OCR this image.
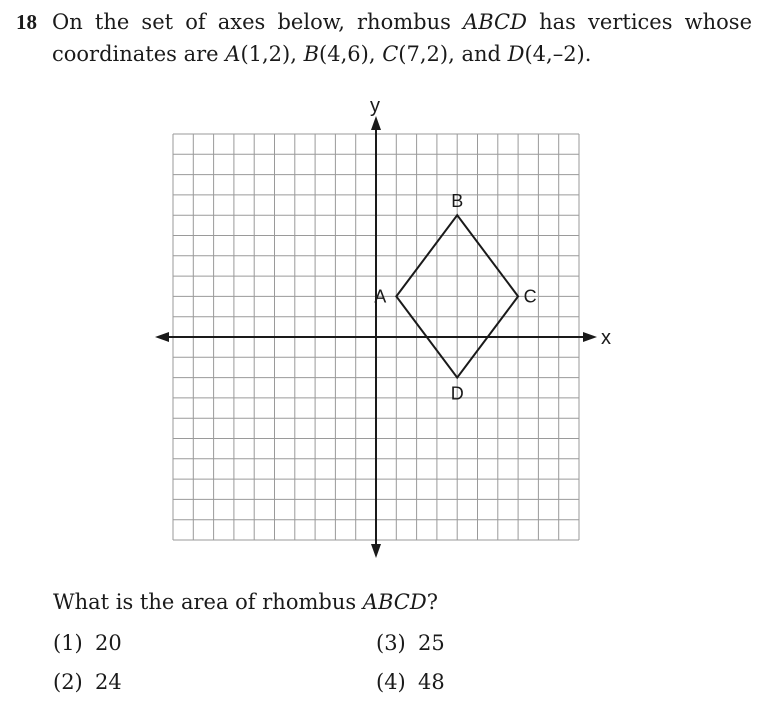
18 On the set of axes below, rhombus ABCD has vertices whose coordinates are A(1,2), B(4,6), C(7,2), and D(4,–2).
x
y
A
B
C
D
What is the area of rhombus ABCD?
(1) 20
(2) 24
(3) 25
(4) 48
